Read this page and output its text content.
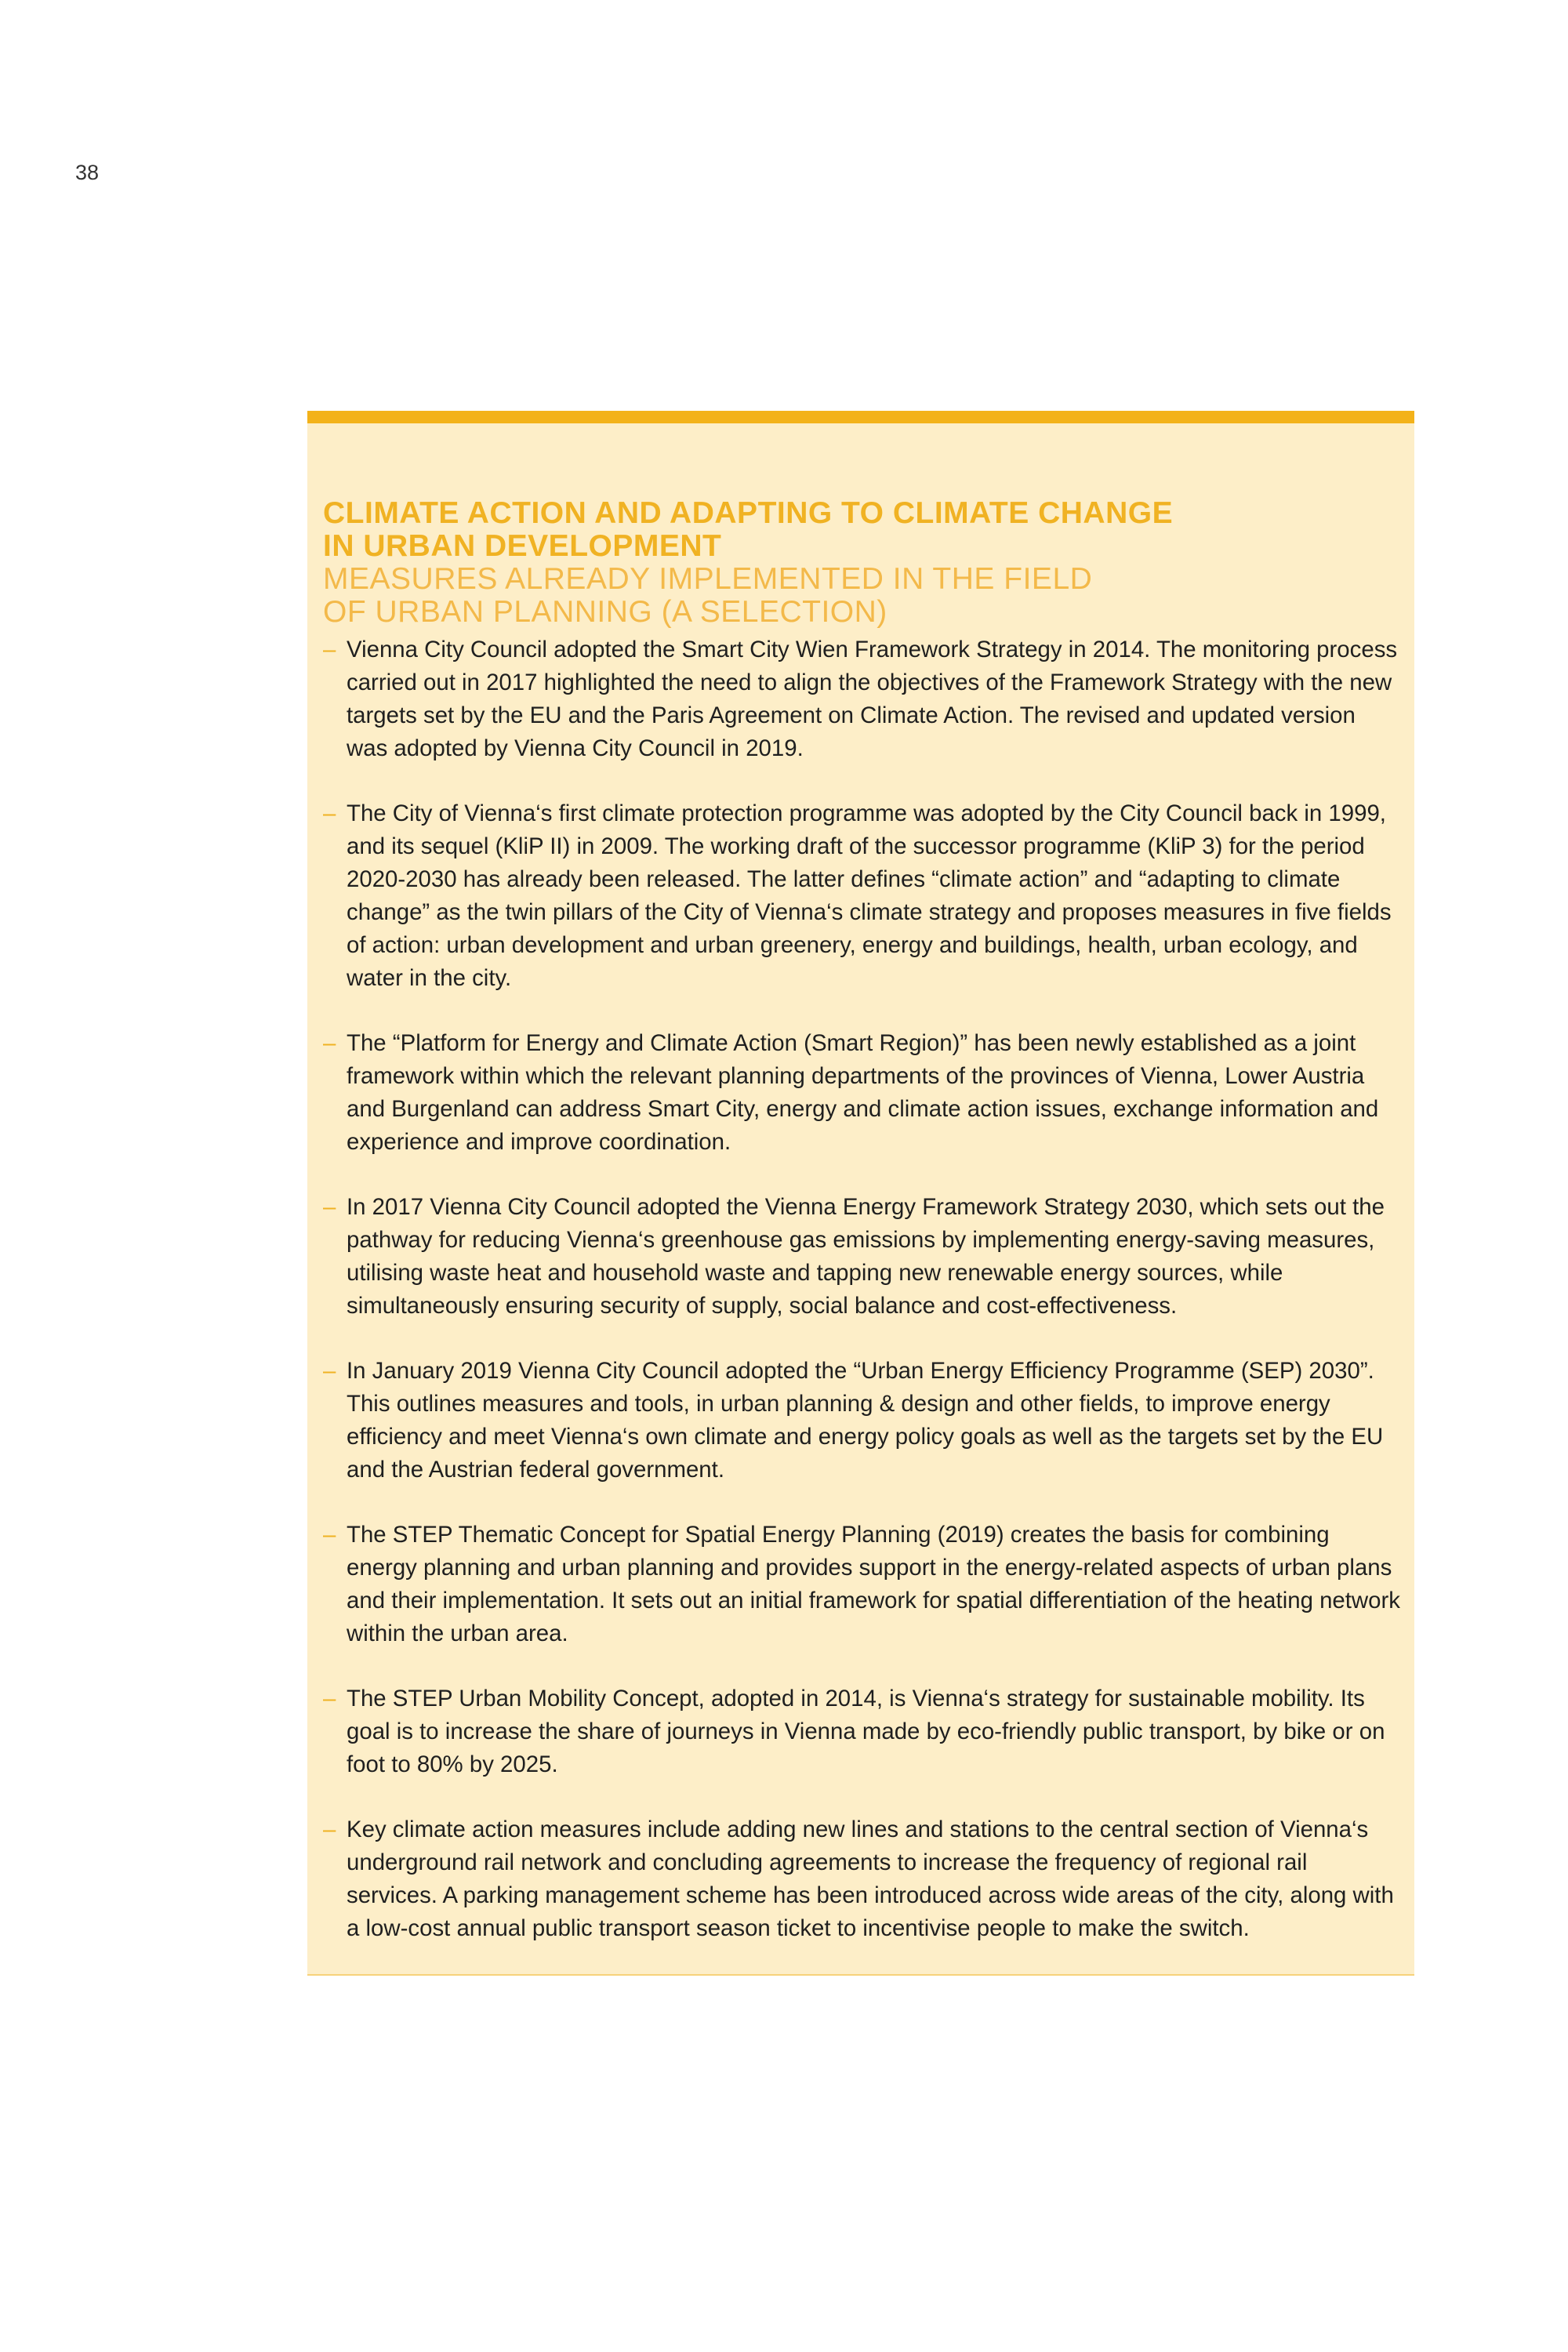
38
CLIMATE ACTION AND ADAPTING TO CLIMATE CHANGE
IN URBAN DEVELOPMENT
MEASURES ALREADY IMPLEMENTED IN THE FIELD
OF URBAN PLANNING (A SELECTION)
– Vienna City Council adopted the Smart City Wien Framework Strategy in 2014. The monitoring process carried out in 2017 highlighted the need to align the objectives of the Framework Strategy with the new targets set by the EU and the Paris Agreement on Climate Action. The revised and updated version was adopted by Vienna City Council in 2019.
– The City of Vienna‘s first climate protection programme was adopted by the City Council back in 1999, and its sequel (KliP II) in 2009. The working draft of the successor programme (KliP 3) for the period 2020-2030 has already been released. The latter defines “climate action” and “adapting to climate change” as the twin pillars of the City of Vienna‘s climate strategy and proposes measures in five fields of action: urban development and urban greenery, energy and buildings, health, urban ecology, and water in the city.
– The “Platform for Energy and Climate Action (Smart Region)” has been newly established as a joint framework within which the relevant planning departments of the provinces of Vienna, Lower Austria and Burgenland can address Smart City, energy and climate action issues, exchange information and experience and improve coordination.
– In 2017 Vienna City Council adopted the Vienna Energy Framework Strategy 2030, which sets out the pathway for reducing Vienna‘s greenhouse gas emissions by implementing energy-saving measures, utilising waste heat and household waste and tapping new renewable energy sources, while simultaneously ensuring security of supply, social balance and cost-effectiveness.
– In January 2019 Vienna City Council adopted the “Urban Energy Efficiency Programme (SEP) 2030”. This outlines measures and tools, in urban planning & design and other fields, to improve energy efficiency and meet Vienna‘s own climate and energy policy goals as well as the targets set by the EU and the Austrian federal government.
– The STEP Thematic Concept for Spatial Energy Planning (2019) creates the basis for combining energy planning and urban planning and provides support in the energy-related aspects of urban plans and their implementation. It sets out an initial framework for spatial differentiation of the heating network within the urban area.
– The STEP Urban Mobility Concept, adopted in 2014, is Vienna‘s strategy for sustainable mobility. Its goal is to increase the share of journeys in Vienna made by eco-friendly public transport, by bike or on foot to 80% by 2025.
– Key climate action measures include adding new lines and stations to the central section of Vienna‘s underground rail network and concluding agreements to increase the frequency of regional rail services. A parking management scheme has been introduced across wide areas of the city, along with a low-cost annual public transport season ticket to incentivise people to make the switch.
